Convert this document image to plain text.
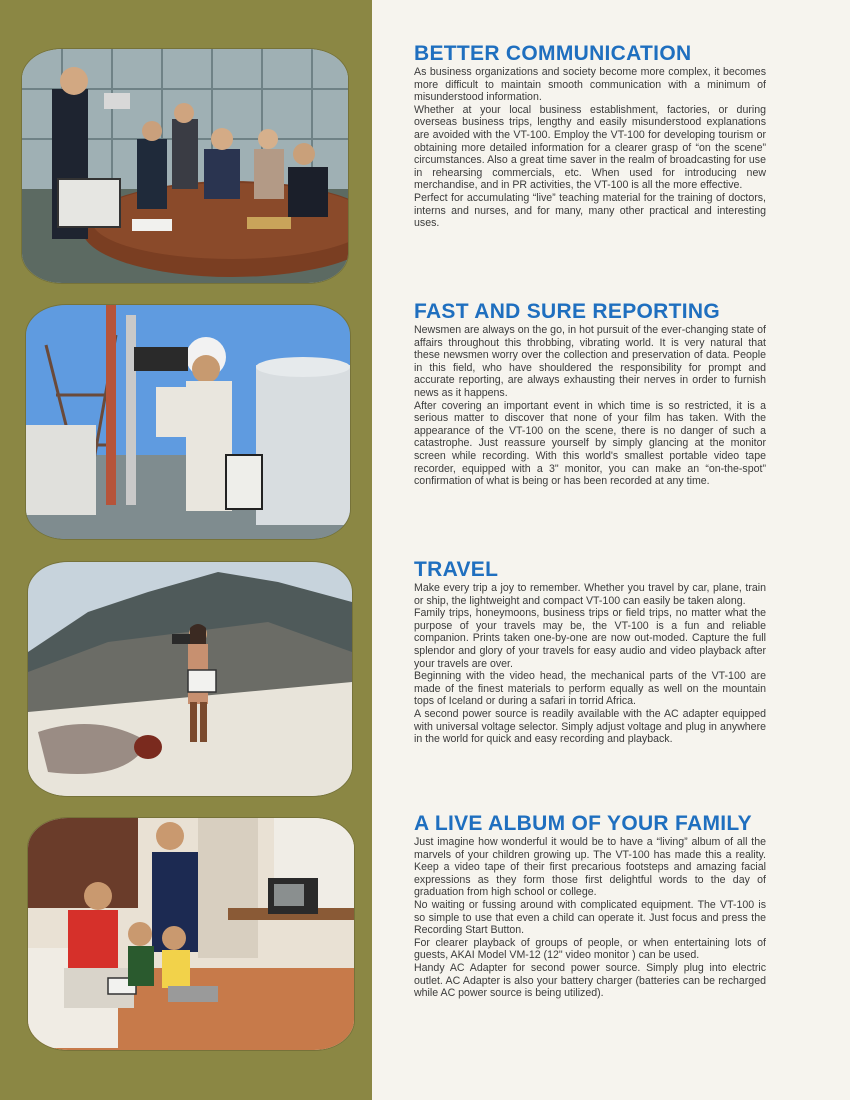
BETTER COMMUNICATION

As business organizations and society become more complex, it becomes more difficult to maintain smooth communication with a minimum of misunderstood information.

Whether at your local business establishment, factories, or during overseas business trips, lengthy and easily misunderstood explanations are avoided with the VT-100. Employ the VT-100 for developing tourism or obtaining more detailed information for a clearer grasp of “on the scene” circumstances. Also a great time saver in the realm of broadcasting for use in rehearsing commercials, etc. When used for introducing new merchandise, and in PR activities, the VT-100 is all the more effective.

Perfect for accumulating “live” teaching material for the training of doctors, interns and nurses, and for many, many other practical and interesting uses.

FAST AND SURE REPORTING

Newsmen are always on the go, in hot pursuit of the ever-changing state of affairs throughout this throbbing, vibrating world. It is very natural that these newsmen worry over the collection and preservation of data. People in this field, who have shouldered the responsibility for prompt and accurate reporting, are always exhausting their nerves in order to furnish news as it happens.

After covering an important event in which time is so restricted, it is a serious matter to discover that none of your film has taken. With the appearance of the VT-100 on the scene, there is no danger of such a catastrophe. Just reassure yourself by simply glancing at the monitor screen while recording. With this world's smallest portable video tape recorder, equipped with a 3" monitor, you can make an “on-the-spot” confirmation of what is being or has been recorded at any time.

TRAVEL

Make every trip a joy to remember. Whether you travel by car, plane, train or ship, the lightweight and compact VT-100 can easily be taken along.

Family trips, honeymoons, business trips or field trips, no matter what the purpose of your travels may be, the VT-100 is a fun and reliable companion. Prints taken one-by-one are now out-moded. Capture the full splendor and glory of your travels for easy audio and video playback after your travels are over.

Beginning with the video head, the mechanical parts of the VT-100 are made of the finest materials to perform equally as well on the mountain tops of Iceland or during a safari in torrid Africa.

A second power source is readily available with the AC adapter equipped with universal voltage selector. Simply adjust voltage and plug in anywhere in the world for quick and easy recording and playback.

A LIVE ALBUM OF YOUR FAMILY

Just imagine how wonderful it would be to have a “living” album of all the marvels of your children growing up. The VT-100 has made this a reality. Keep a video tape of their first precarious footsteps and amazing facial expressions as they form those first delightful words to the day of graduation from high school or college.

No waiting or fussing around with complicated equipment. The VT-100 is so simple to use that even a child can operate it. Just focus and press the Recording Start Button.

For clearer playback of groups of people, or when entertaining lots of guests, AKAI Model VM-12 (12" video monitor ) can be used.

Handy AC Adapter for second power source. Simply plug into electric outlet. AC Adapter is also your battery charger (batteries can be recharged while AC power source is being utilized).
